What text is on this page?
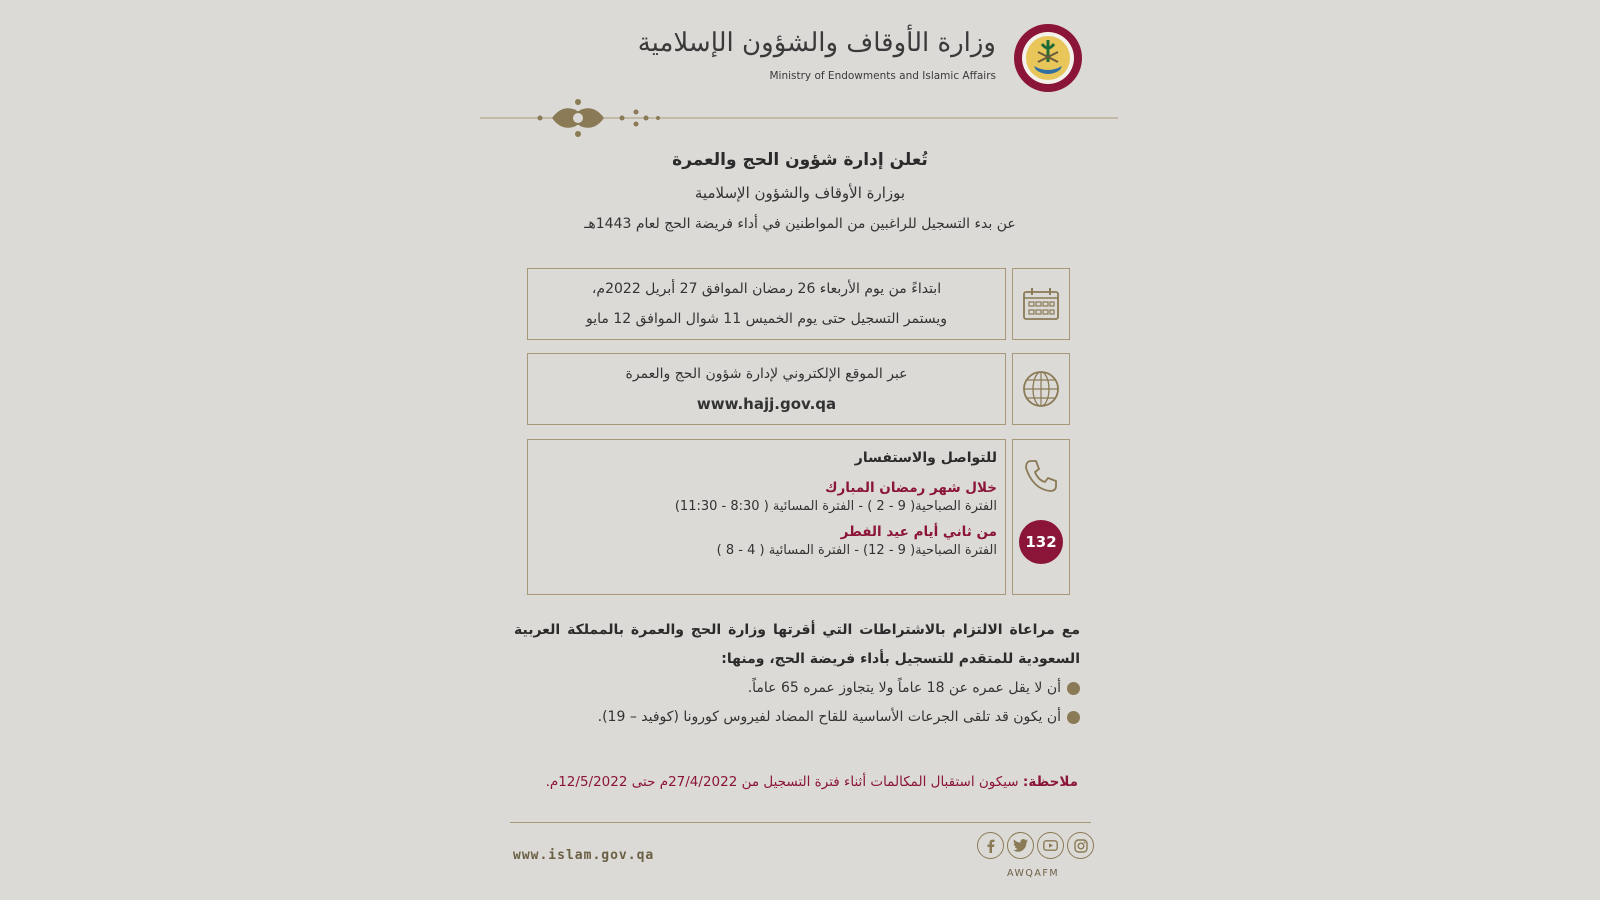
وزارة الأوقاف والشؤون الإسلامية
Ministry of Endowments and Islamic Affairs
تُعلن إدارة شؤون الحج والعمرة
بوزارة الأوقاف والشؤون الإسلامية
عن بدء التسجيل للراغبين من المواطنين في أداء فريضة الحج لعام 1443هـ
ابتداءً من يوم الأربعاء 26 رمضان الموافق 27 أبريل 2022م،
ويستمر التسجيل حتى يوم الخميس 11 شوال الموافق 12 مايو
عبر الموقع الإلكتروني لإدارة شؤون الحج والعمرة
www.hajj.gov.qa
للتواصل والاستفسار
خلال شهر رمضان المبارك
الفترة الصباحية( 9 - 2 ) - الفترة المسائية ( 8:30 - 11:30)
من ثاني أيام عيد الفطر
الفترة الصباحية( 9 - 12) - الفترة المسائية ( 4 - 8 )	132
مع مراعاة الالتزام بالاشتراطات التي أقرتها وزارة الحج والعمرة بالمملكة العربية السعودية للمتقدم للتسجيل بأداء فريضة الحج، ومنها:
أن لا يقل عمره عن 18 عاماً ولا يتجاوز عمره 65 عاماً.
أن يكون قد تلقى الجرعات الأساسية للقاح المضاد لفيروس كورونا (كوفيد – 19).
ملاحظة: سيكون استقبال المكالمات أثناء فترة التسجيل من 27/4/2022م حتى 12/5/2022م.
www.islam.gov.qa
AWQAFM
